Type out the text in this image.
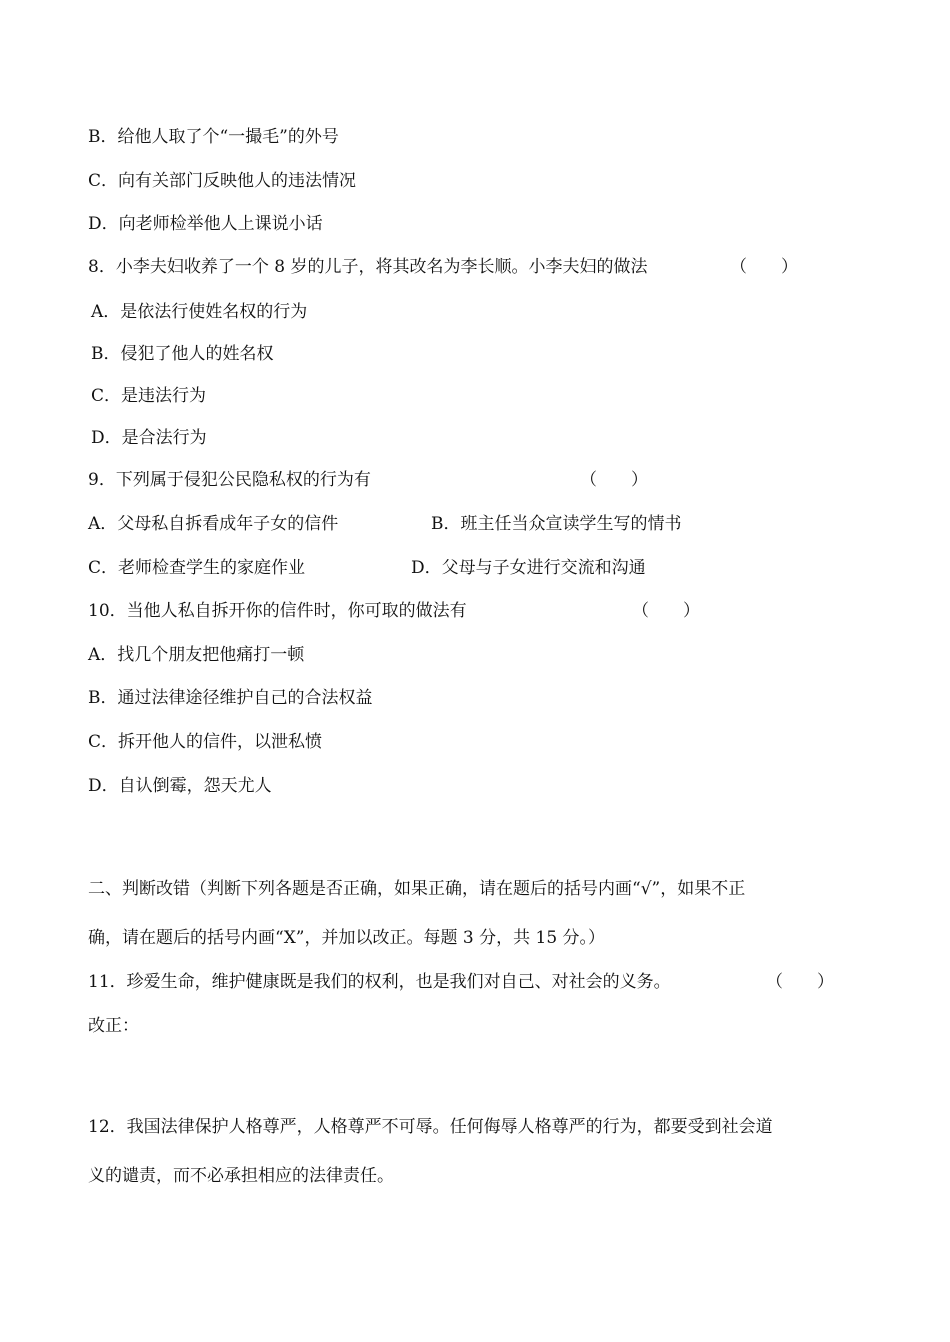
B．给他人取了个“一撮毛”的外号
C．向有关部门反映他人的违法情况
D．向老师检举他人上课说小话
8．小李夫妇收养了一个 8 岁的儿子，将其改名为李长顺。小李夫妇的做法	（　　）
A．是依法行使姓名权的行为
B．侵犯了他人的姓名权
C．是违法行为
D．是合法行为
9．下列属于侵犯公民隐私权的行为有	（　　）
A．父母私自拆看成年子女的信件	B．班主任当众宣读学生写的情书
C．老师检查学生的家庭作业	D．父母与子女进行交流和沟通
10．当他人私自拆开你的信件时，你可取的做法有	（　　）
A．找几个朋友把他痛打一顿
B．通过法律途径维护自己的合法权益
C．拆开他人的信件，以泄私愤
D．自认倒霉，怨天尤人
二、判断改错（判断下列各题是否正确，如果正确，请在题后的括号内画“√”，如果不正
确，请在题后的括号内画“X”，并加以改正。每题 3 分，共 15 分。）
11．珍爱生命，维护健康既是我们的权利，也是我们对自己、对社会的义务。	（　　）
改正：
12．我国法律保护人格尊严，人格尊严不可辱。任何侮辱人格尊严的行为，都要受到社会道
义的谴责，而不必承担相应的法律责任。
